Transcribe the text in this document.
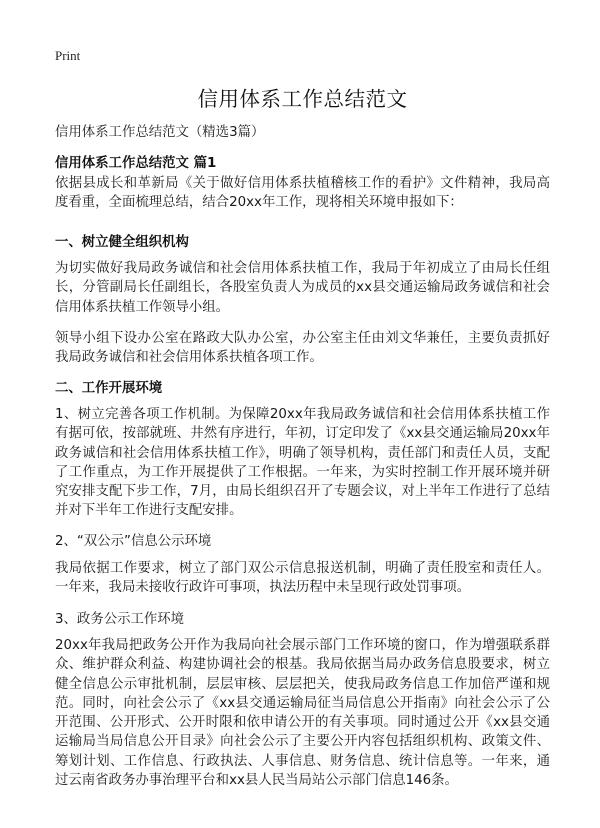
Print
信用体系工作总结范文
信用体系工作总结范文（精选3篇）
信用体系工作总结范文 篇1

依据县成长和革新局《关于做好信用体系扶植稽核工作的看护》文件精神，我局高度看重，全面梳理总结，结合20xx年工作，现将相关环境申报如下：

一、树立健全组织机构

为切实做好我局政务诚信和社会信用体系扶植工作，我局于年初成立了由局长任组长，分管副局长任副组长，各股室负责人为成员的xx县交通运输局政务诚信和社会信用体系扶植工作领导小组。

领导小组下设办公室在路政大队办公室，办公室主任由刘文华兼任，主要负责抓好我局政务诚信和社会信用体系扶植各项工作。

二、工作开展环境

1、树立完善各项工作机制。为保障20xx年我局政务诚信和社会信用体系扶植工作有据可依，按部就班、井然有序进行，年初，订定印发了《xx县交通运输局20xx年政务诚信和社会信用体系扶植工作》，明确了领导机构，责任部门和责任人员，支配了工作重点，为工作开展提供了工作根据。一年来，为实时控制工作开展环境并研究安排支配下步工作，7月，由局长组织召开了专题会议，对上半年工作进行了总结并对下半年工作进行支配安排。

2、“双公示”信息公示环境

我局依据工作要求，树立了部门双公示信息报送机制，明确了责任股室和责任人。一年来，我局未接收行政许可事项，执法历程中未呈现行政处罚事项。

3、政务公示工作环境

20xx年我局把政务公开作为我局向社会展示部门工作环境的窗口，作为增强联系群众、维护群众利益、构建协调社会的根基。我局依据当局办政务信息股要求，树立健全信息公示审批机制，层层审核、层层把关，使我局政务信息工作加倍严谨和规范。同时，向社会公示了《xx县交通运输局征当局信息公开指南》向社会公示了公开范围、公开形式、公开时限和依申请公开的有关事项。同时通过公开《xx县交通运输局当局信息公开目录》向社会公示了主要公开内容包括组织机构、政策文件、筹划计划、工作信息、行政执法、人事信息、财务信息、统计信息等。一年来，通过云南省政务办事治理平台和xx县人民当局站公示部门信息146条。
